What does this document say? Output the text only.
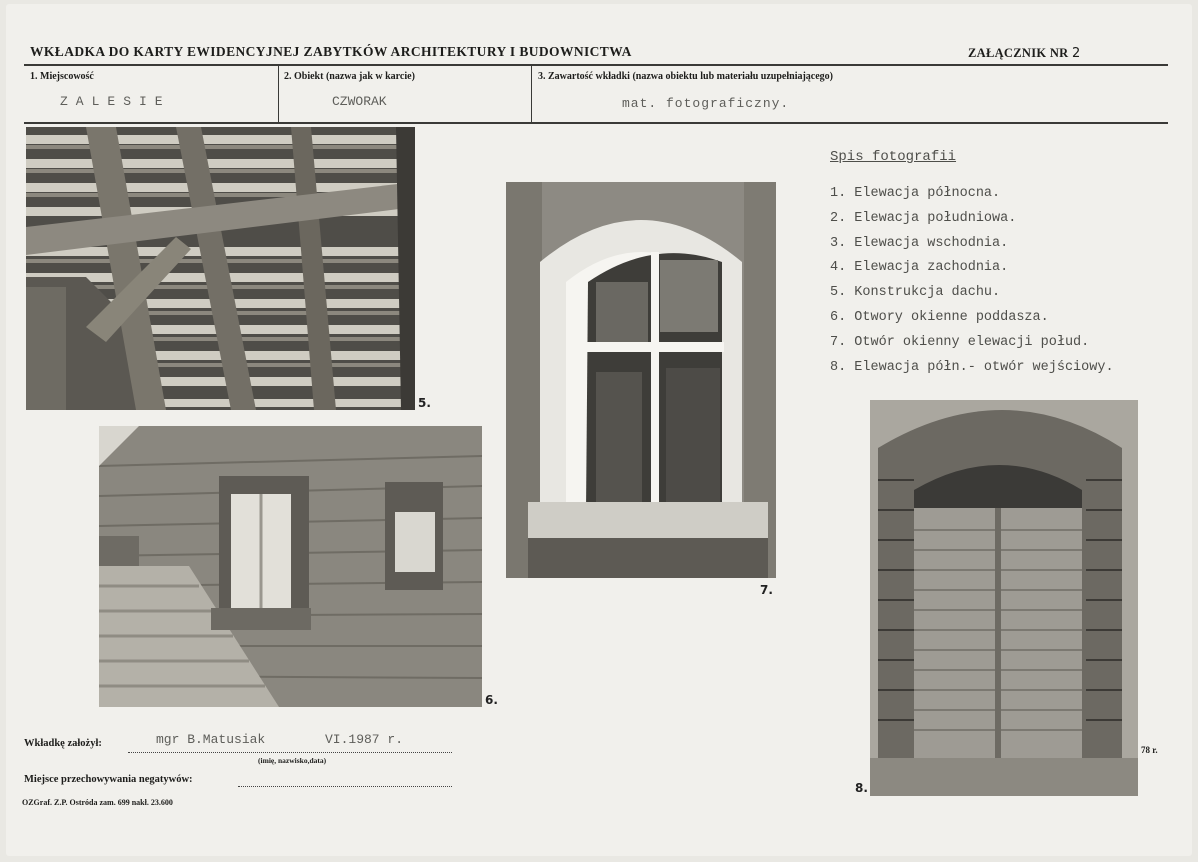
WKŁADKA DO KARTY EWIDENCYJNEJ ZABYTKÓW ARCHITEKTURY I BUDOWNICTWA	ZAŁĄCZNIK NR 2
1. Miejscowość
ZALESIE
2. Obiekt (nazwa jak w karcie)
CZWORAK
3. Zawartość wkładki (nazwa obiektu lub materiału uzupełniającego)
mat. fotograficzny.
5.
6.
7.
8.
Spis fotografii
1. Elewacja północna.
2. Elewacja południowa.
3. Elewacja wschodnia.
4. Elewacja zachodnia.
5. Konstrukcja dachu.
6. Otwory okienne poddasza.
7. Otwór okienny elewacji połud.
8. Elewacja półn.- otwór wejściowy.
Wkładkę założył:	mgr B.Matusiak	VI.1987 r.
(imię, nazwisko,data)
Miejsce przechowywania negatywów:
OZGraf. Z.P. Ostróda zam. 699 nakł. 23.600
78 r.
